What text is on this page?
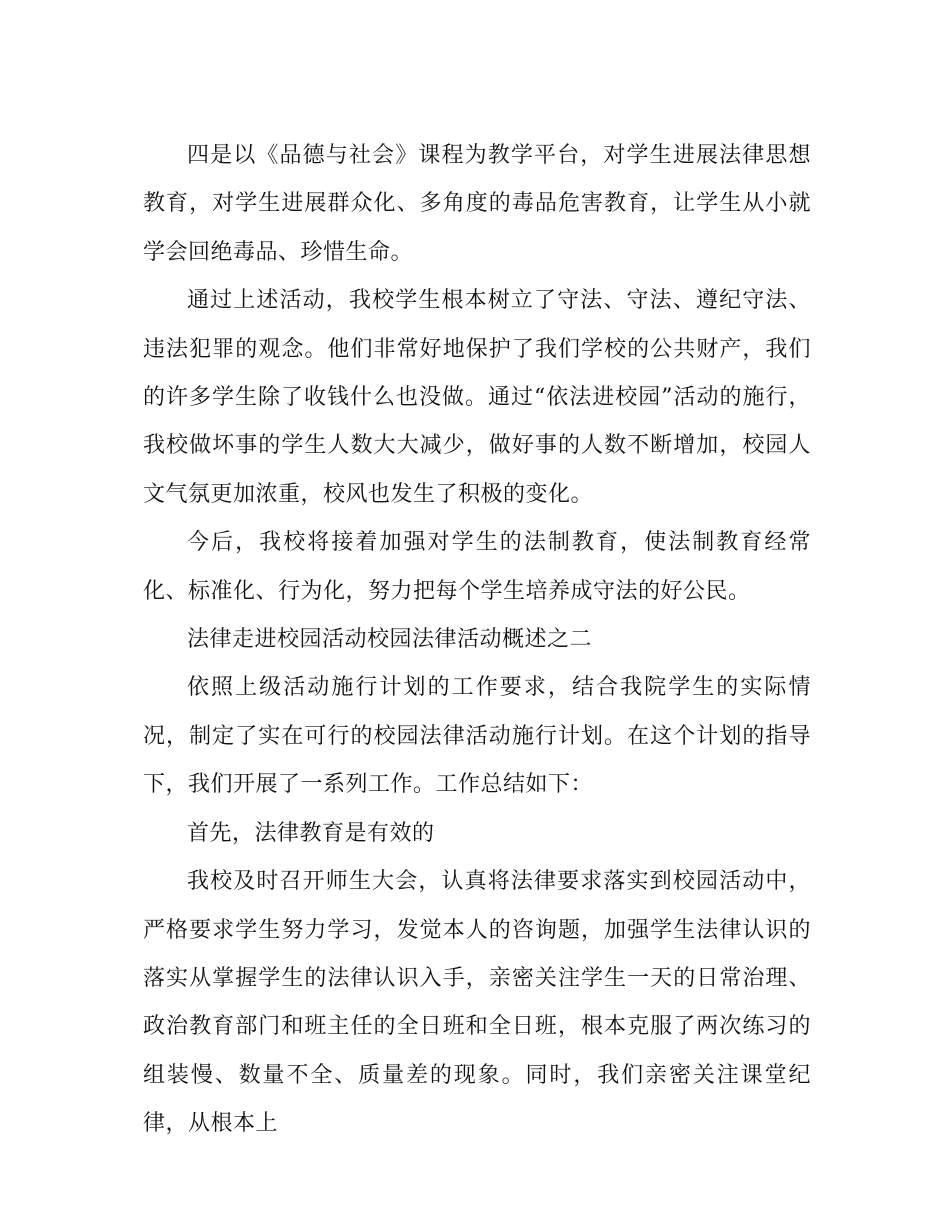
四是以《品德与社会》课程为教学平台，对学生进展法律思想教育，对学生进展群众化、多角度的毒品危害教育，让学生从小就学会回绝毒品、珍惜生命。

通过上述活动，我校学生根本树立了守法、守法、遵纪守法、违法犯罪的观念。他们非常好地保护了我们学校的公共财产，我们的许多学生除了收钱什么也没做。通过“依法进校园”活动的施行，我校做坏事的学生人数大大减少，做好事的人数不断增加，校园人文气氛更加浓重，校风也发生了积极的变化。

今后，我校将接着加强对学生的法制教育，使法制教育经常化、标准化、行为化，努力把每个学生培养成守法的好公民。

法律走进校园活动校园法律活动概述之二

依照上级活动施行计划的工作要求，结合我院学生的实际情况，制定了实在可行的校园法律活动施行计划。在这个计划的指导下，我们开展了一系列工作。工作总结如下：

首先，法律教育是有效的

我校及时召开师生大会，认真将法律要求落实到校园活动中，严格要求学生努力学习，发觉本人的咨询题，加强学生法律认识的落实从掌握学生的法律认识入手，亲密关注学生一天的日常治理、政治教育部门和班主任的全日班和全日班，根本克服了两次练习的组装慢、数量不全、质量差的现象。同时，我们亲密关注课堂纪律，从根本上
